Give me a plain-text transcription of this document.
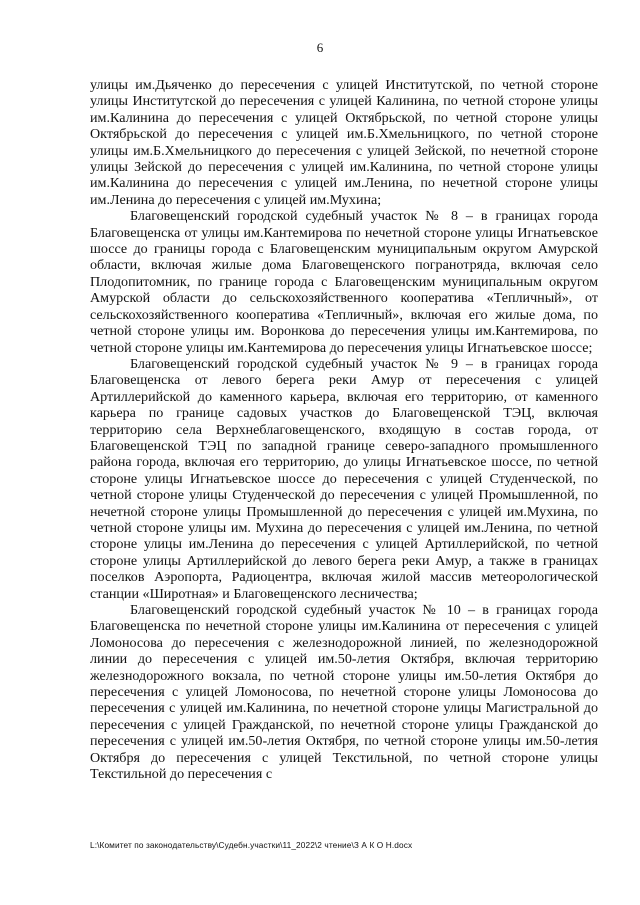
6

улицы им.Дьяченко до пересечения с улицей Институтской, по четной стороне улицы Институтской до пересечения с улицей Калинина, по четной стороне улицы им.Калинина до пересечения с улицей Октябрьской, по четной стороне улицы Октябрьской до пересечения с улицей им.Б.Хмельницкого, по четной стороне улицы им.Б.Хмельницкого до пересечения с улицей Зейской, по нечетной стороне улицы Зейской до пересечения с улицей им.Калинина, по четной стороне улицы им.Калинина до пересечения с улицей им.Ленина, по нечетной стороне улицы им.Ленина до пересечения с улицей им.Мухина;

Благовещенский городской судебный участок № 8 – в границах города Благовещенска от улицы им.Кантемирова по нечетной стороне улицы Игнатьевское шоссе до границы города с Благовещенским муниципальным округом Амурской области, включая жилые дома Благовещенского погранотряда, включая село Плодопитомник, по границе города с Благовещенским муниципальным округом Амурской области до сельскохозяйственного кооператива «Тепличный», от сельскохозяйственного кооператива «Тепличный», включая его жилые дома, по четной стороне улицы им. Воронкова до пересечения улицы им.Кантемирова, по четной стороне улицы им.Кантемирова до пересечения улицы Игнатьевское шоссе;

Благовещенский городской судебный участок № 9 – в границах города Благовещенска от левого берега реки Амур от пересечения с улицей Артиллерийской до каменного карьера, включая его территорию, от каменного карьера по границе садовых участков до Благовещенской ТЭЦ, включая территорию села Верхнеблаговещенского, входящую в состав города, от Благовещенской ТЭЦ по западной границе северо-западного промышленного района города, включая его территорию, до улицы Игнатьевское шоссе, по четной стороне улицы Игнатьевское шоссе до пересечения с улицей Студенческой, по четной стороне улицы Студенческой до пересечения с улицей Промышленной, по нечетной стороне улицы Промышленной до пересечения с улицей им.Мухина, по четной стороне улицы им. Мухина до пересечения с улицей им.Ленина, по четной стороне улицы им.Ленина до пересечения с улицей Артиллерийской, по четной стороне улицы Артиллерийской до левого берега реки Амур, а также в границах поселков Аэропорта, Радиоцентра, включая жилой массив метеорологической станции «Широтная» и Благовещенского лесничества;

Благовещенский городской судебный участок № 10 – в границах города Благовещенска по нечетной стороне улицы им.Калинина от пересечения с улицей Ломоносова до пересечения с железнодорожной линией, по железнодорожной линии до пересечения с улицей им.50-летия Октября, включая территорию железнодорожного вокзала, по четной стороне улицы им.50-летия Октября до пересечения с улицей Ломоносова, по нечетной стороне улицы Ломоносова до пересечения с улицей им.Калинина, по нечетной стороне улицы Магистральной до пересечения с улицей Гражданской, по нечетной стороне улицы Гражданской до пересечения с улицей им.50-летия Октября, по четной стороне улицы им.50-летия Октября до пересечения с улицей Текстильной, по четной стороне улицы Текстильной до пересечения с

L:\Комитет по законодательству\Судебн.участки\11_2022\2 чтение\З А К О Н.docx
